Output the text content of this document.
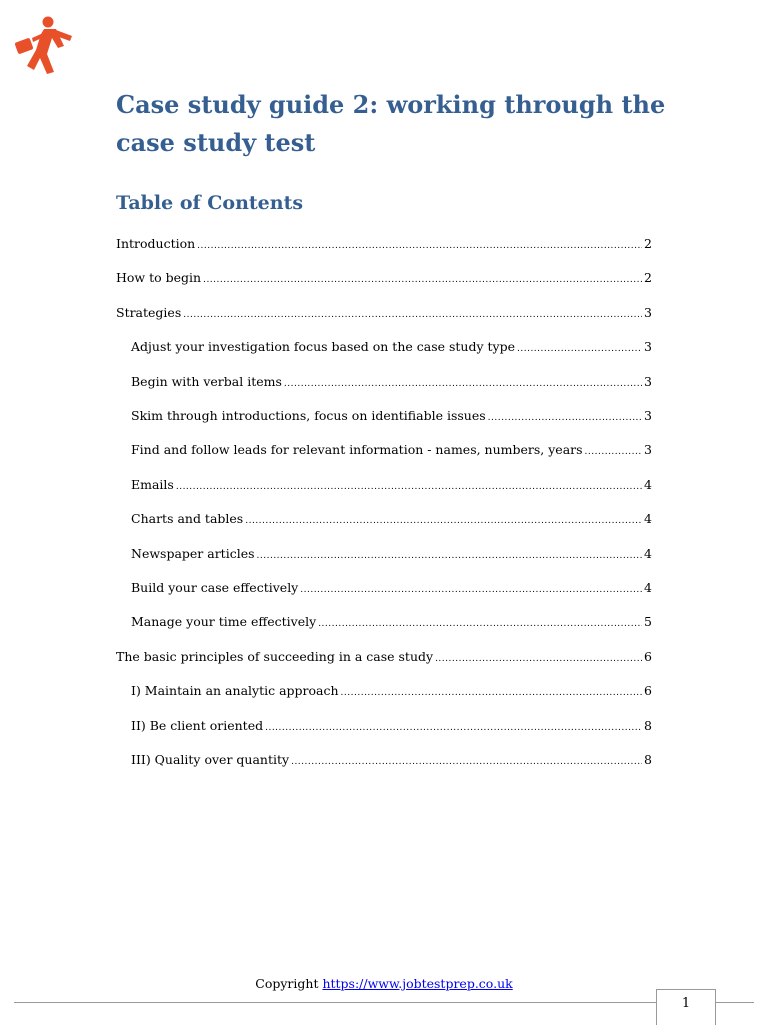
Case study guide 2: working through the case study test
Table of Contents
Introduction .....	2
How to begin .....	2
Strategies .....	3
Adjust your investigation focus based on the case study type .....	3
Begin with verbal items .....	3
Skim through introductions, focus on identifiable issues .....	3
Find and follow leads for relevant information - names, numbers, years .....	3
Emails .....	4
Charts and tables .....	4
Newspaper articles .....	4
Build your case effectively .....	4
Manage your time effectively .....	5
The basic principles of succeeding in a case study .....	6
I) Maintain an analytic approach .....	6
II) Be client oriented .....	8
III) Quality over quantity .....	8
Copyright https://www.jobtestprep.co.uk
1
